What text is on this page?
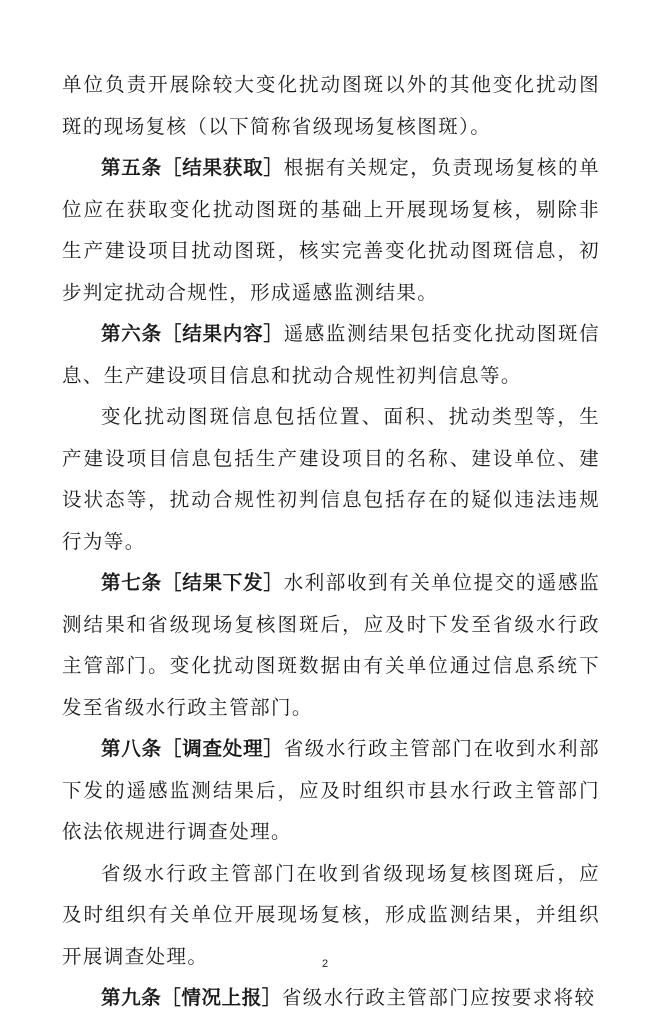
单位负责开展除较大变化扰动图斑以外的其他变化扰动图斑的现场复核（以下简称省级现场复核图斑）。

第五条［结果获取］根据有关规定，负责现场复核的单位应在获取变化扰动图斑的基础上开展现场复核，剔除非生产建设项目扰动图斑，核实完善变化扰动图斑信息，初步判定扰动合规性，形成遥感监测结果。

第六条［结果内容］遥感监测结果包括变化扰动图斑信息、生产建设项目信息和扰动合规性初判信息等。

变化扰动图斑信息包括位置、面积、扰动类型等，生产建设项目信息包括生产建设项目的名称、建设单位、建设状态等，扰动合规性初判信息包括存在的疑似违法违规行为等。

第七条［结果下发］水利部收到有关单位提交的遥感监测结果和省级现场复核图斑后，应及时下发至省级水行政主管部门。变化扰动图斑数据由有关单位通过信息系统下发至省级水行政主管部门。

第八条［调查处理］省级水行政主管部门在收到水利部下发的遥感监测结果后，应及时组织市县水行政主管部门依法依规进行调查处理。

省级水行政主管部门在收到省级现场复核图斑后，应及时组织有关单位开展现场复核，形成监测结果，并组织开展调查处理。

第九条［情况上报］省级水行政主管部门应按要求将较

2
